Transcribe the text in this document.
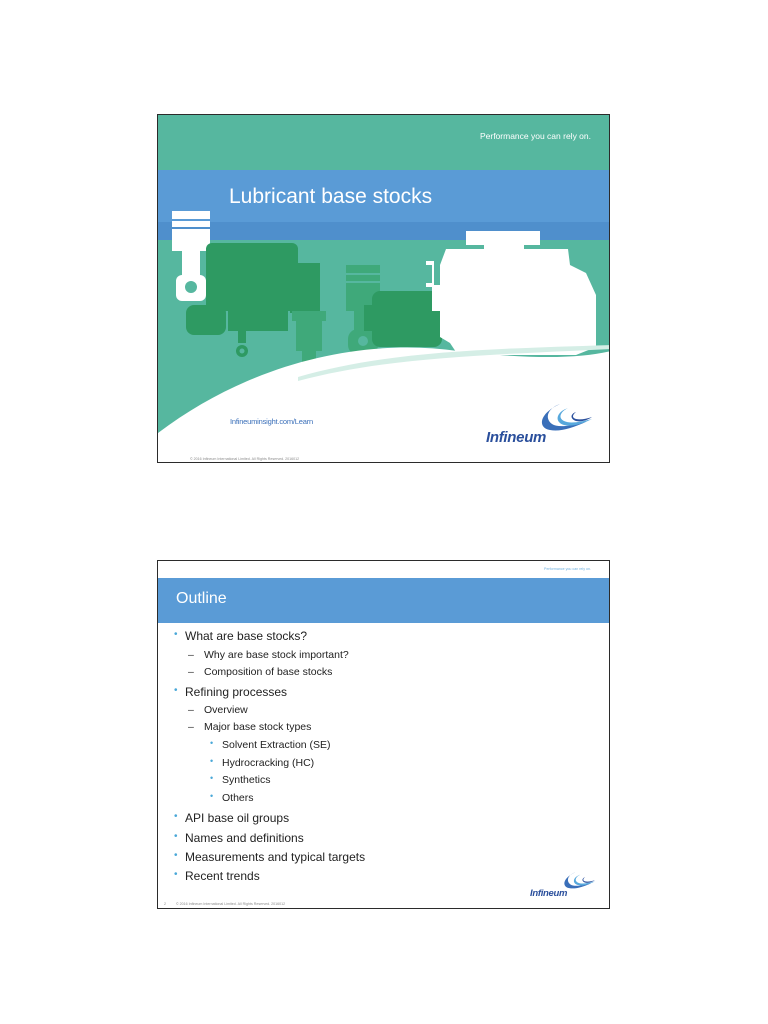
Performance you can rely on.
Lubricant base stocks
Infineuminsight.com/Learn
Infineum
© 2016 Infineum International Limited. All Rights Reserved. 2016012
Performance you can rely on.
Outline
• What are base stocks?
– Why are base stock important?
– Composition of base stocks
• Refining processes
– Overview
– Major base stock types
• Solvent Extraction (SE)
• Hydrocracking (HC)
• Synthetics
• Others
• API base oil groups
• Names and definitions
• Measurements and typical targets
• Recent trends
Infineum
2	© 2016 Infineum International Limited. All Rights Reserved. 2016012
